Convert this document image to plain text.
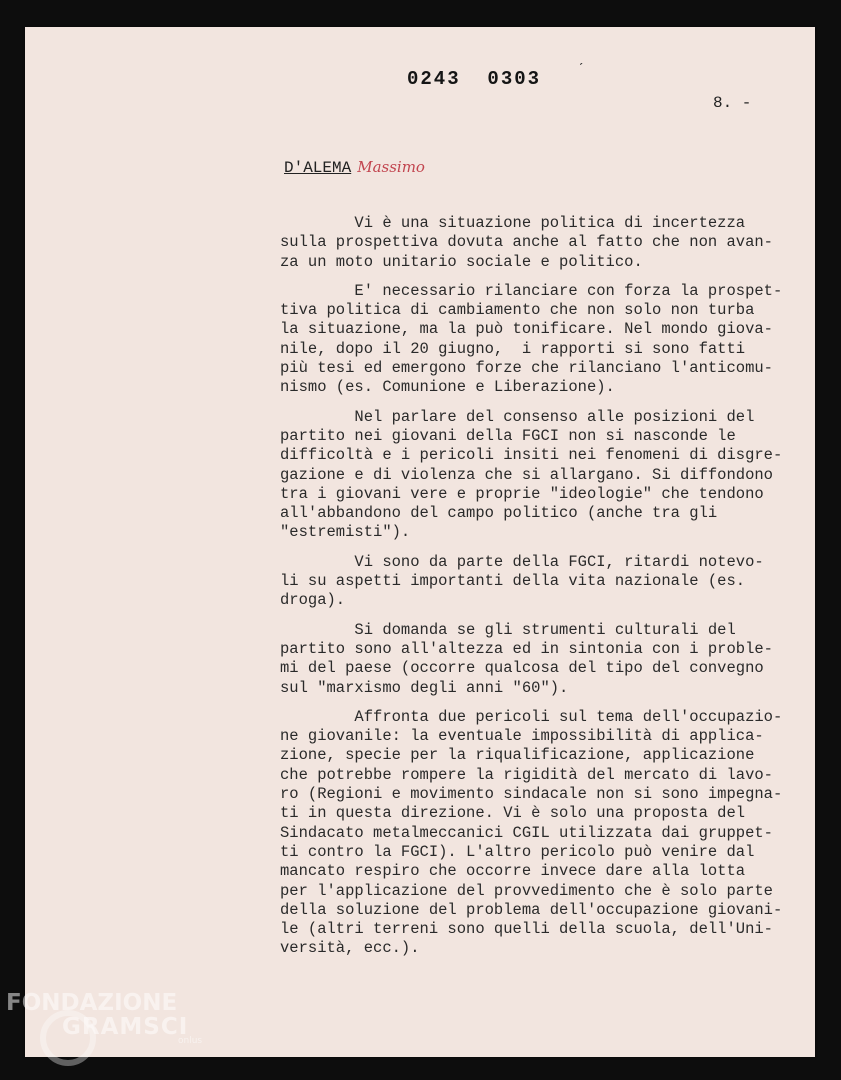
0243  0303	ˊ
8. -
D'ALEMA Massimo
Vi è una situazione politica di incertezza
sulla prospettiva dovuta anche al fatto che non avan-
za un moto unitario sociale e politico.
E' necessario rilanciare con forza la prospet-
tiva politica di cambiamento che non solo non turba
la situazione, ma la può tonificare. Nel mondo giova-
nile, dopo il 20 giugno,  i rapporti si sono fatti
più tesi ed emergono forze che rilanciano l'anticomu-
nismo (es. Comunione e Liberazione).
Nel parlare del consenso alle posizioni del
partito nei giovani della FGCI non si nasconde le
difficoltà e i pericoli insiti nei fenomeni di disgre-
gazione e di violenza che si allargano. Si diffondono
tra i giovani vere e proprie "ideologie" che tendono
all'abbandono del campo politico (anche tra gli
"estremisti").
Vi sono da parte della FGCI, ritardi notevo-
li su aspetti importanti della vita nazionale (es.
droga).
Si domanda se gli strumenti culturali del
partito sono all'altezza ed in sintonia con i proble-
mi del paese (occorre qualcosa del tipo del convegno
sul "marxismo degli anni "60").
Affronta due pericoli sul tema dell'occupazio-
ne giovanile: la eventuale impossibilità di applica-
zione, specie per la riqualificazione, applicazione
che potrebbe rompere la rigidità del mercato di lavo-
ro (Regioni e movimento sindacale non si sono impegna-
ti in questa direzione. Vi è solo una proposta del
Sindacato metalmeccanici CGIL utilizzata dai gruppet-
ti contro la FGCI). L'altro pericolo può venire dal
mancato respiro che occorre invece dare alla lotta
per l'applicazione del provvedimento che è solo parte
della soluzione del problema dell'occupazione giovani-
le (altri terreni sono quelli della scuola, dell'Uni-
versità, ecc.).
FONDAZIONE
GRAMSCI
onlus
